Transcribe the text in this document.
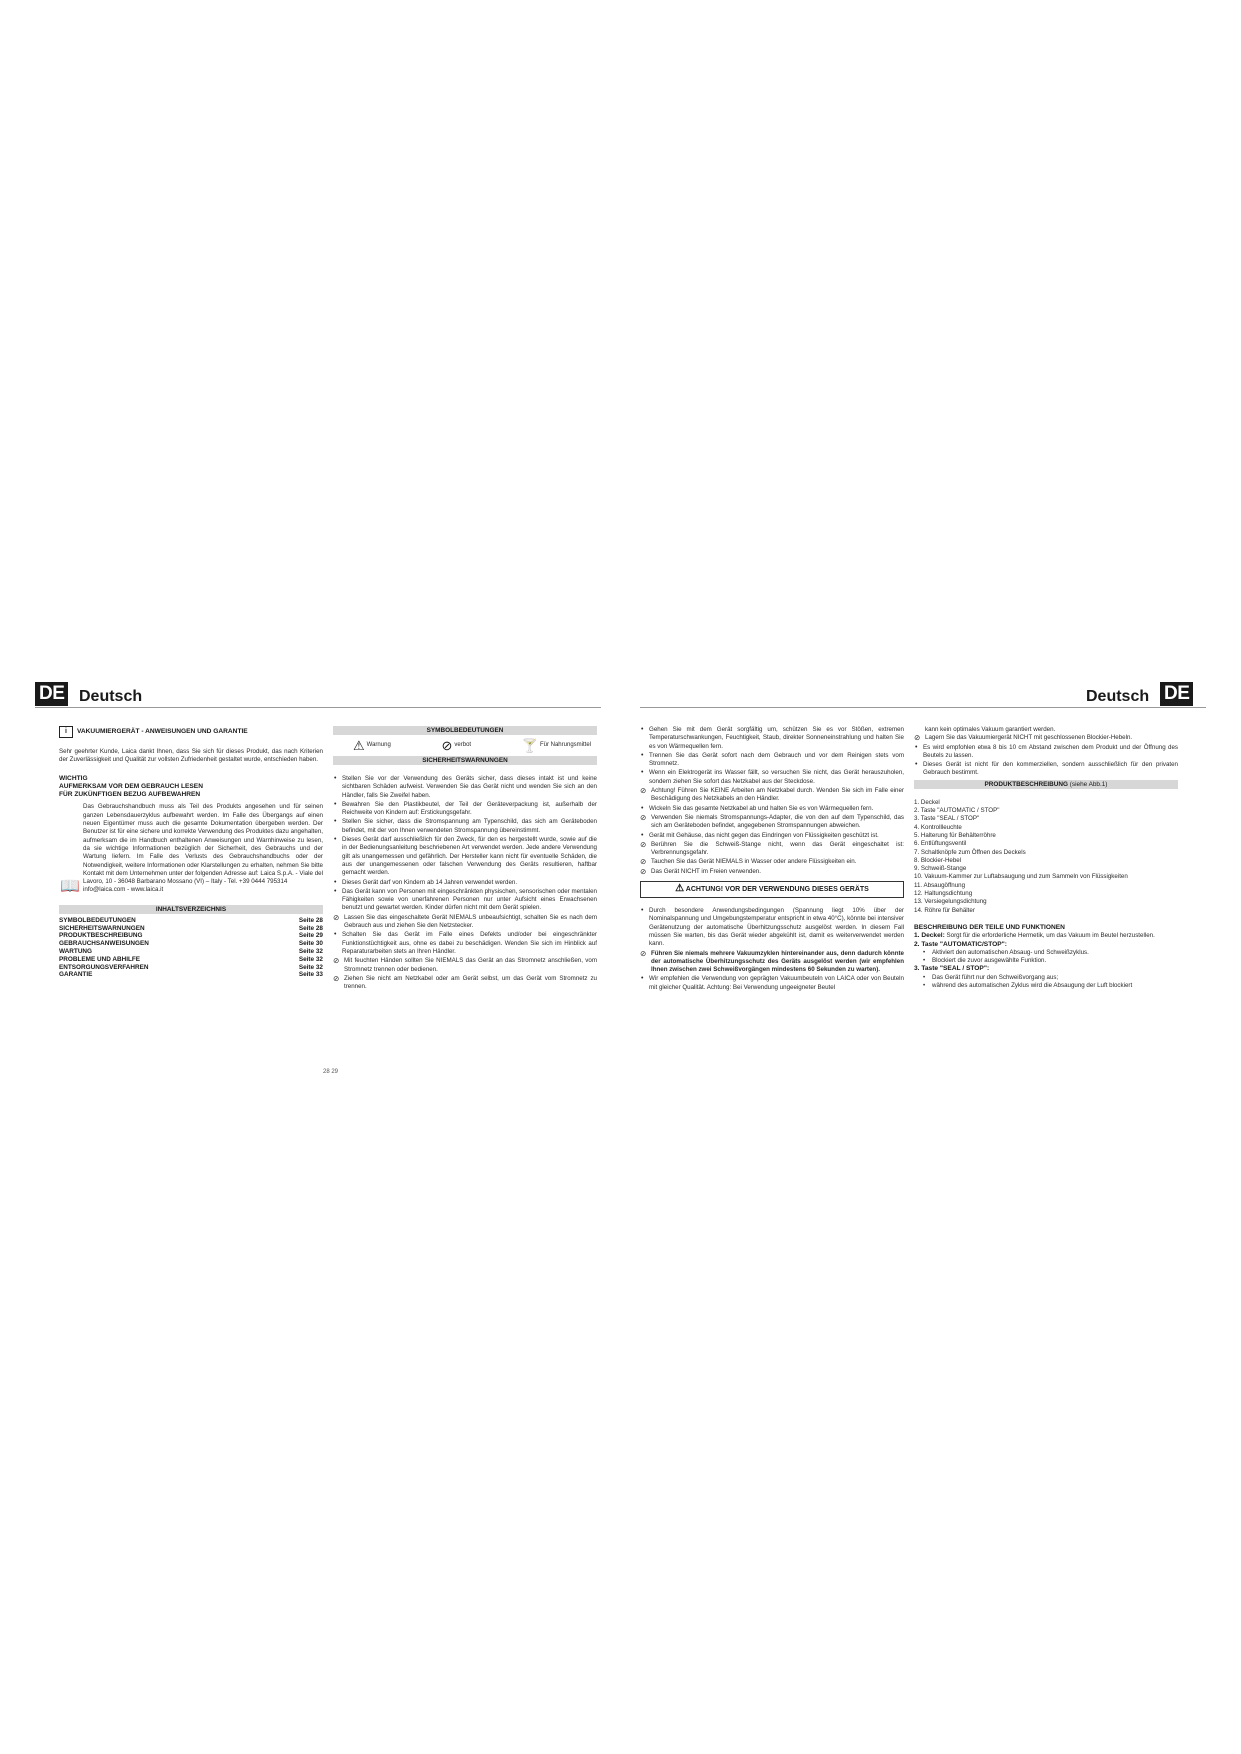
DE Deutsch	Deutsch DE
i	VAKUUMIERGERÄT - ANWEISUNGEN UND GARANTIE

Sehr geehrter Kunde, Laica dankt Ihnen, dass Sie sich für dieses Produkt, das nach Kriterien der Zuverlässigkeit und Qualität zur vollsten Zufriedenheit gestaltet wurde, entschieden haben.

WICHTIG
AUFMERKSAM VOR DEM GEBRAUCH LESEN
FÜR ZUKÜNFTIGEN BEZUG AUFBEWAHREN
📖

Das Gebrauchshandbuch muss als Teil des Produkts angesehen und für seinen ganzen Lebensdauerzyklus aufbewahrt werden. Im Falle des Übergangs auf einen neuen Eigentümer muss auch die gesamte Dokumentation übergeben werden. Der Benutzer ist für eine sichere und korrekte Verwendung des Produktes dazu angehalten, aufmerksam die im Handbuch enthaltenen Anweisungen und Warnhinweise zu lesen, da sie wichtige Informationen bezüglich der Sicherheit, des Gebrauchs und der Wartung liefern. Im Falle des Verlusts des Gebrauchshandbuchs oder der Notwendigkeit, weitere Informationen oder Klarstellungen zu erhalten, nehmen Sie bitte Kontakt mit dem Unternehmen unter der folgenden Adresse auf: Laica S.p.A. - Viale del Lavoro, 10 - 36048 Barbarano Mossano (VI) – Italy - Tel. +39 0444 795314

info@laica.com - www.laica.it
INHALTSVERZEICHNIS
SYMBOLBEDEUTUNGEN	Seite 28
SICHERHEITSWARNUNGEN	Seite 28
PRODUKTBESCHREIBUNG	Seite 29
GEBRAUCHSANWEISUNGEN	Seite 30
WARTUNG	Seite 32
PROBLEME UND ABHILFE	Seite 32
ENTSORGUNGSVERFAHREN	Seite 32
GARANTIE	Seite 33
SYMBOLBEDEUTUNGEN
⚠ Warnung	⊘ verbot	🍸 Für Nahrungsmittel
SICHERHEITSWARNUNGEN
• Stellen Sie vor der Verwendung des Geräts sicher, dass dieses intakt ist und keine sichtbaren Schäden aufweist. Verwenden Sie das Gerät nicht und wenden Sie sich an den Händler, falls Sie Zweifel haben.
• Bewahren Sie den Plastikbeutel, der Teil der Geräteverpackung ist, außerhalb der Reichweite von Kindern auf: Erstickungsgefahr.
• Stellen Sie sicher, dass die Stromspannung am Typenschild, das sich am Geräteboden befindet, mit der von Ihnen verwendeten Stromspannung übereinstimmt.
• Dieses Gerät darf ausschließlich für den Zweck, für den es hergestellt wurde, sowie auf die in der Bedienungsanleitung beschriebenen Art verwendet werden. Jede andere Verwendung gilt als unangemessen und gefährlich. Der Hersteller kann nicht für eventuelle Schäden, die aus der unangemessenen oder falschen Verwendung des Geräts resultieren, haftbar gemacht werden.
• Dieses Gerät darf von Kindern ab 14 Jahren verwendet werden.
• Das Gerät kann von Personen mit eingeschränkten physischen, sensorischen oder mentalen Fähigkeiten sowie von unerfahrenen Personen nur unter Aufsicht eines Erwachsenen benutzt und gewartet werden. Kinder dürfen nicht mit dem Gerät spielen.
⊘ Lassen Sie das eingeschaltete Gerät NIEMALS unbeaufsichtigt, schalten Sie es nach dem Gebrauch aus und ziehen Sie den Netzstecker.
• Schalten Sie das Gerät im Falle eines Defekts und/oder bei eingeschränkter Funktionstüchtigkeit aus, ohne es dabei zu beschädigen. Wenden Sie sich im Hinblick auf Reparaturarbeiten stets an Ihren Händler.
⊘ Mit feuchten Händen sollten Sie NIEMALS das Gerät an das Stromnetz anschließen, vom Stromnetz trennen oder bedienen.
⊘ Ziehen Sie nicht am Netzkabel oder am Gerät selbst, um das Gerät vom Stromnetz zu trennen.
28 29
• Gehen Sie mit dem Gerät sorgfältig um, schützen Sie es vor Stößen, extremen Temperaturschwankungen, Feuchtigkeit, Staub, direkter Sonneneinstrahlung und halten Sie es von Wärmequellen fern.
• Trennen Sie das Gerät sofort nach dem Gebrauch und vor dem Reinigen stets vom Stromnetz.
• Wenn ein Elektrogerät ins Wasser fällt, so versuchen Sie nicht, das Gerät herauszuholen, sondern ziehen Sie sofort das Netzkabel aus der Steckdose.
⊘ Achtung! Führen Sie KEINE Arbeiten am Netzkabel durch. Wenden Sie sich im Falle einer Beschädigung des Netzkabels an den Händler.
• Wickeln Sie das gesamte Netzkabel ab und halten Sie es von Wärmequellen fern.
⊘ Verwenden Sie niemals Stromspannungs-Adapter, die von den auf dem Typenschild, das sich am Geräteboden befindet, angegebenen Stromspannungen abweichen.
• Gerät mit Gehäuse, das nicht gegen das Eindringen von Flüssigkeiten geschützt ist.
⊘ Berühren Sie die Schweiß-Stange nicht, wenn das Gerät eingeschaltet ist: Verbrennungsgefahr.
⊘ Tauchen Sie das Gerät NIEMALS in Wasser oder andere Flüssigkeiten ein.
⊘ Das Gerät NICHT im Freien verwenden.
⚠ ACHTUNG! VOR DER VERWENDUNG DIESES GERÄTS
• Durch besondere Anwendungsbedingungen (Spannung liegt 10% über der Nominalspannung und Umgebungstemperatur entspricht in etwa 40°C), könnte bei intensiver Gerätenutzung der automatische Überhitzungsschutz ausgelöst werden. In diesem Fall müssen Sie warten, bis das Gerät wieder abgekühlt ist, damit es weiterverwendet werden kann.
⊘ Führen Sie niemals mehrere Vakuumzyklen hintereinander aus, denn dadurch könnte der automatische Überhitzungsschutz des Geräts ausgelöst werden (wir empfehlen Ihnen zwischen zwei Schweißvorgängen mindestens 60 Sekunden zu warten).
• Wir empfehlen die Verwendung von geprägten Vakuumbeuteln von LAICA oder von Beuteln mit gleicher Qualität. Achtung: Bei Verwendung ungeeigneter Beutel
kann kein optimales Vakuum garantiert werden.
⊘ Lagern Sie das Vakuumiergerät NICHT mit geschlossenen Blockier-Hebeln.
• Es wird empfohlen etwa 8 bis 10 cm Abstand zwischen dem Produkt und der Öffnung des Beutels zu lassen.
• Dieses Gerät ist nicht für den kommerziellen, sondern ausschließlich für den privaten Gebrauch bestimmt.
PRODUKTBESCHREIBUNG (siehe Abb.1)
1. Deckel
2. Taste "AUTOMATIC / STOP"
3. Taste "SEAL / STOP"
4. Kontrollleuchte
5. Halterung für Behälterröhre
6. Entlüftungsventil
7. Schaltknöpfe zum Öffnen des Deckels
8. Blockier-Hebel
9. Schweiß-Stange
10. Vakuum-Kammer zur Luftabsaugung und zum Sammeln von Flüssigkeiten
11. Absaugöffnung
12. Haltungsdichtung
13. Versiegelungsdichtung
14. Röhre für Behälter
BESCHREIBUNG DER TEILE UND FUNKTIONEN
1. Deckel: Sorgt für die erforderliche Hermetik, um das Vakuum im Beutel herzustellen.
2. Taste "AUTOMATIC/STOP":
• Aktiviert den automatischen Absaug- und Schweißzyklus.
• Blockiert die zuvor ausgewählte Funktion.
3. Taste "SEAL / STOP":
• Das Gerät führt nur den Schweißvorgang aus;
• während des automatischen Zyklus wird die Absaugung der Luft blockiert
